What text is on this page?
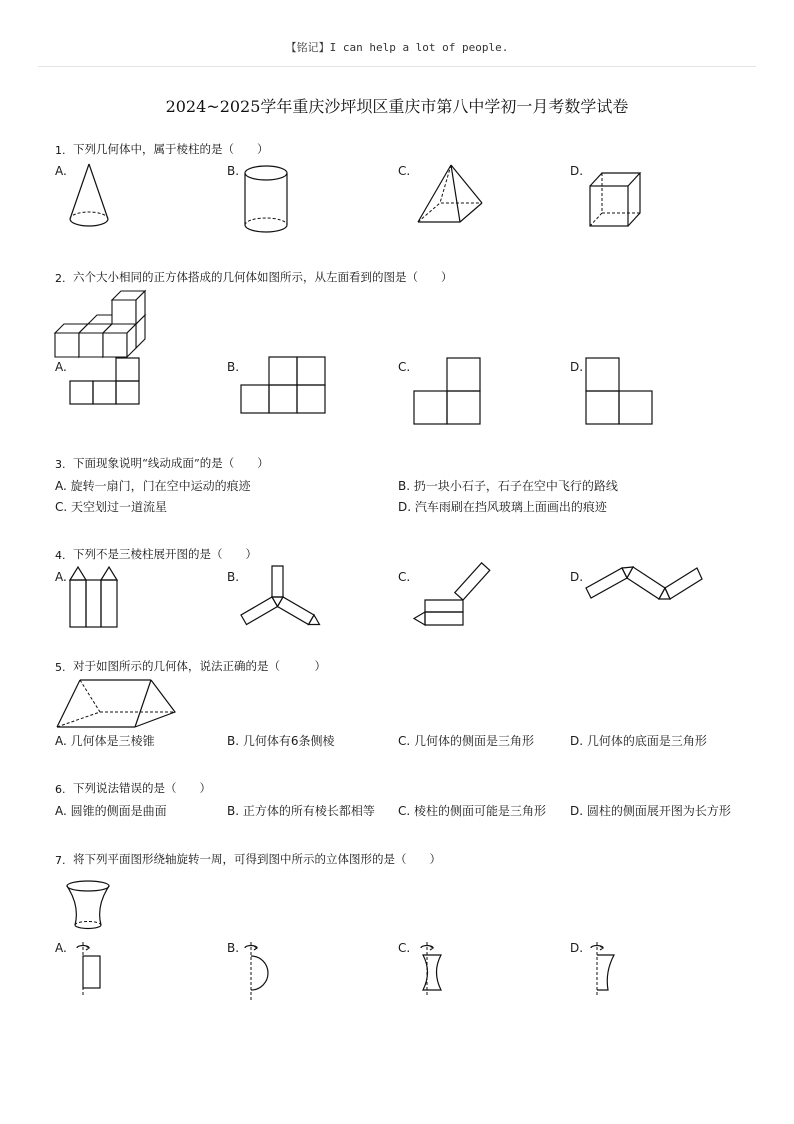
【铭记】I can help a lot of people.
2024~2025学年重庆沙坪坝区重庆市第八中学初一月考数学试卷
1. 下列几何体中，属于棱柱的是（　　）
A.	B.	C.	D.
2. 六个大小相同的正方体搭成的几何体如图所示，从左面看到的图是（　　）
A.	B.	C.	D.
3. 下面现象说明“线动成面”的是（　　）
A. 旋转一扇门，门在空中运动的痕迹	B. 扔一块小石子，石子在空中飞行的路线
C. 天空划过一道流星	D. 汽车雨刷在挡风玻璃上面画出的痕迹
4. 下列不是三棱柱展开图的是（　　）
A.	B.	C.	D.
5. 对于如图所示的几何体，说法正确的是（　　　）
A. 几何体是三棱锥	B. 几何体有6条侧棱	C. 几何体的侧面是三角形	D. 几何体的底面是三角形
6. 下列说法错误的是（　　）
A. 圆锥的侧面是曲面	B. 正方体的所有棱长都相等 C. 棱柱的侧面可能是三角形 D. 圆柱的侧面展开图为长方形
7. 将下列平面图形绕轴旋转一周，可得到图中所示的立体图形的是（　　）
A.	B.	C.	D.
